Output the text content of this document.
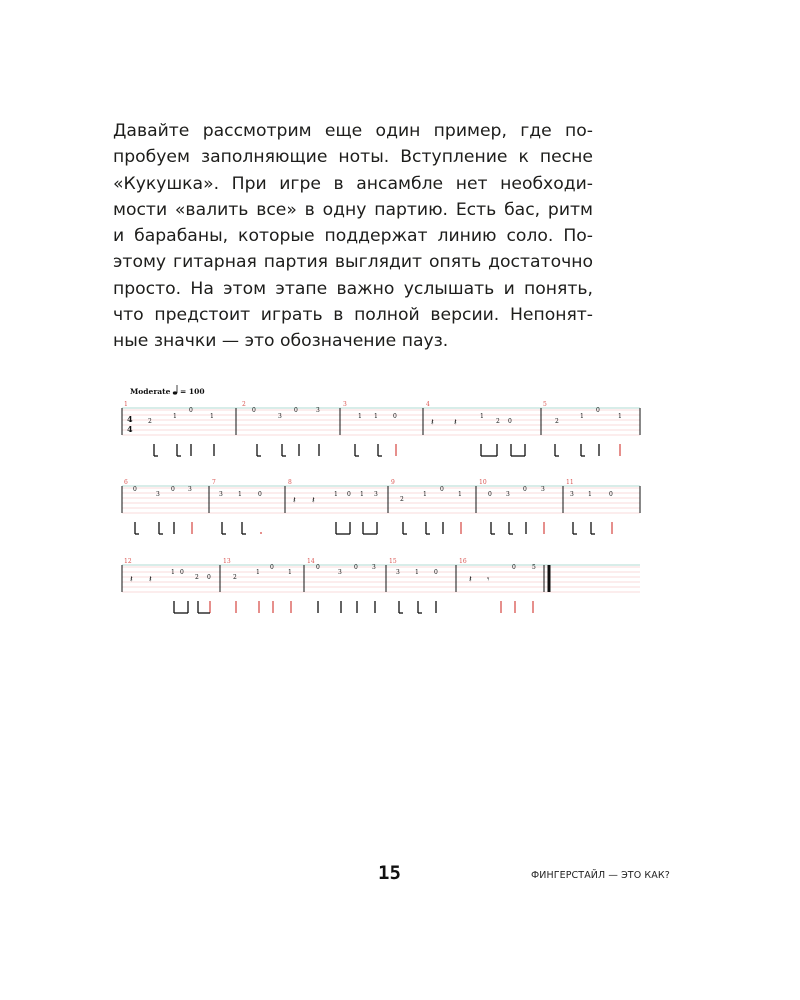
Давайте рассмотрим еще один пример, где по-
пробуем заполняющие ноты. Вступление к песне
«Кукушка». При игре в ансамбле нет необходи-
мости «валить все» в одну партию. Есть бас, ритм
и барабаны, которые поддержат линию соло. По-
этому гитарная партия выглядит опять достаточно
просто. На этом этапе важно услышать и понять,
что предстоит играть в полной версии. Непонят-
ные значки — это обозначение пауз.
Moderate = 100
4
4
1	2	3	4	5
2
1
0
1
0
3
0	3
1 1	0	1
2 0	2
1
0
1
𝄽 𝄽
6	7	8	9	10	11
0
3
0 3
3	1	0	1 0 1 3
2
1
0
1	0 3
0 3
3 1	0
𝄽 𝄽
12	13	14	15	16
1 0
2 0	2
1
0
1
0
3
0 3
3	1	0
0	5
𝄽 𝄽	𝄽 𝄾
15	ФИНГЕРСТАЙЛ — ЭТО КАК?
